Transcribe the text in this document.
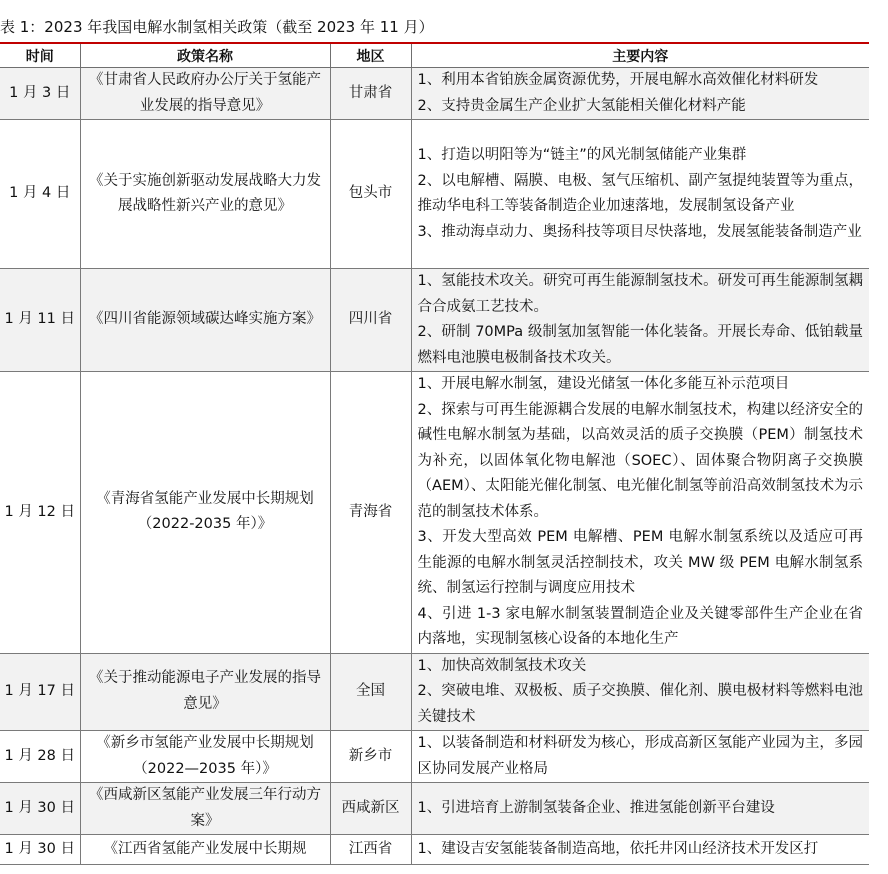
表 1：2023 年我国电解水制氢相关政策（截至 2023 年 11 月）
时间	政策名称	地区	主要内容
1 月 3 日	《甘肃省人民政府办公厅关于氢能产业发展的指导意见》	甘肃省	1、利用本省铂族金属资源优势，开展电解水高效催化材料研发
2、支持贵金属生产企业扩大氢能相关催化材料产能

1 月 4 日	《关于实施创新驱动发展战略大力发展战略性新兴产业的意见》	包头市	1、打造以明阳等为“链主”的风光制氢储能产业集群
2、以电解槽、隔膜、电极、氢气压缩机、副产氢提纯装置等为重点，推动华电科工等装备制造企业加速落地，发展制氢设备产业
3、推动海卓动力、奥扬科技等项目尽快落地，发展氢能装备制造产业

1 月 11 日	《四川省能源领域碳达峰实施方案》	四川省	1、氢能技术攻关。研究可再生能源制氢技术。研发可再生能源制氢耦合合成氨工艺技术。
2、研制 70MPa 级制氢加氢智能一体化装备。开展长寿命、低铂载量燃料电池膜电极制备技术攻关。

1 月 12 日	《青海省氢能产业发展中长期规划（2022-2035 年）》	青海省	1、开展电解水制氢，建设光储氢一体化多能互补示范项目
2、探索与可再生能源耦合发展的电解水制氢技术，构建以经济安全的碱性电解水制氢为基础，以高效灵活的质子交换膜（PEM）制氢技术为补充，以固体氧化物电解池（SOEC）、固体聚合物阴离子交换膜（AEM）、太阳能光催化制氢、电光催化制氢等前沿高效制氢技术为示范的制氢技术体系。
3、开发大型高效 PEM 电解槽、PEM 电解水制氢系统以及适应可再生能源的电解水制氢灵活控制技术，攻关 MW 级 PEM 电解水制氢系统、制氢运行控制与调度应用技术
4、引进 1-3 家电解水制氢装置制造企业及关键零部件生产企业在省内落地，实现制氢核心设备的本地化生产

1 月 17 日	《关于推动能源电子产业发展的指导意见》	全国	1、加快高效制氢技术攻关
2、突破电堆、双极板、质子交换膜、催化剂、膜电极材料等燃料电池关键技术

1 月 28 日	《新乡市氢能产业发展中长期规划（2022—2035 年）》	新乡市	1、以装备制造和材料研发为核心，形成高新区氢能产业园为主，多园区协同发展产业格局

1 月 30 日	《西咸新区氢能产业发展三年行动方案》	西咸新区	1、引进培育上游制氢装备企业、推进氢能创新平台建设

1 月 30 日	《江西省氢能产业发展中长期规	江西省	1、建设吉安氢能装备制造高地，依托井冈山经济技术开发区打
